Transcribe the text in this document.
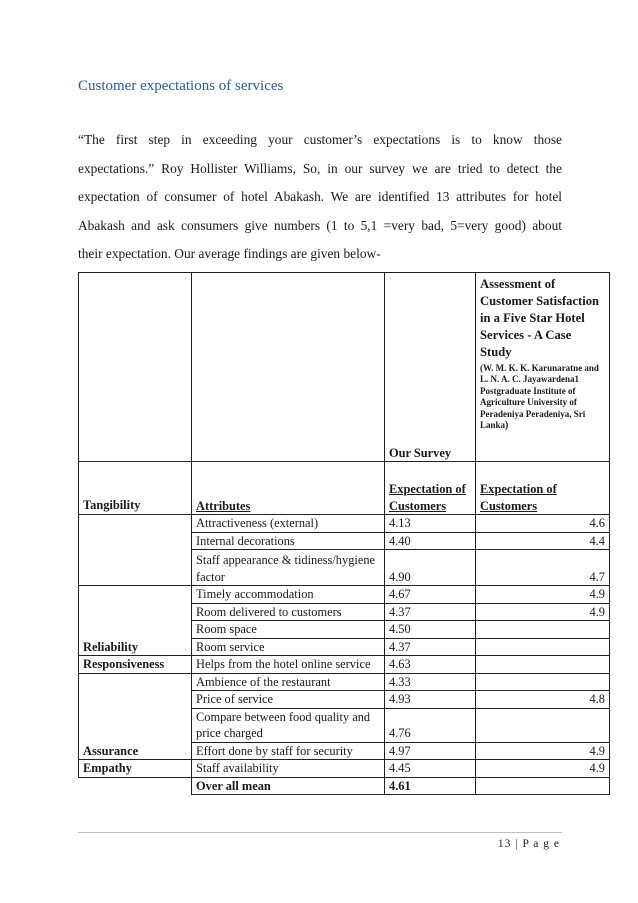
Customer expectations of services
“The first step in exceeding your customer’s expectations is to know those
expectations.” Roy Hollister Williams, So, in our survey we are tried to detect the
expectation of consumer of hotel Abakash. We are identified 13 attributes for hotel
Abakash and ask consumers give numbers (1 to 5,1 =very bad, 5=very good) about
their expectation. Our average findings are given below-
		Our Survey	Assessment of Customer Satisfaction in a Five Star Hotel Services - A Case Study
(W. M. K. K. Karunaratne and L. N. A. C. Jayawardena1 Postgraduate Institute of Agriculture University of Peradeniya Peradeniya, Sri Lanka)

Tangibility	Attributes	Expectation of Customers	Expectation of Customers
	Attractiveness (external)	4.13	4.6
	Internal decorations	4.40	4.4
	Staff appearance & tidiness/hygiene factor	4.90	4.7
Reliability	Timely accommodation	4.67	4.9
	Room delivered to customers	4.37	4.9
	Room space	4.50	
	Room service	4.37	
Responsiveness	Helps from the hotel online service	4.63	
Assurance	Ambience of the restaurant	4.33	
	Price of service	4.93	4.8
	Compare between food quality and price charged	4.76	
	Effort done by staff for security	4.97	4.9
Empathy	Staff availability	4.45	4.9
	Over all mean	4.61	
13 | P a g e
